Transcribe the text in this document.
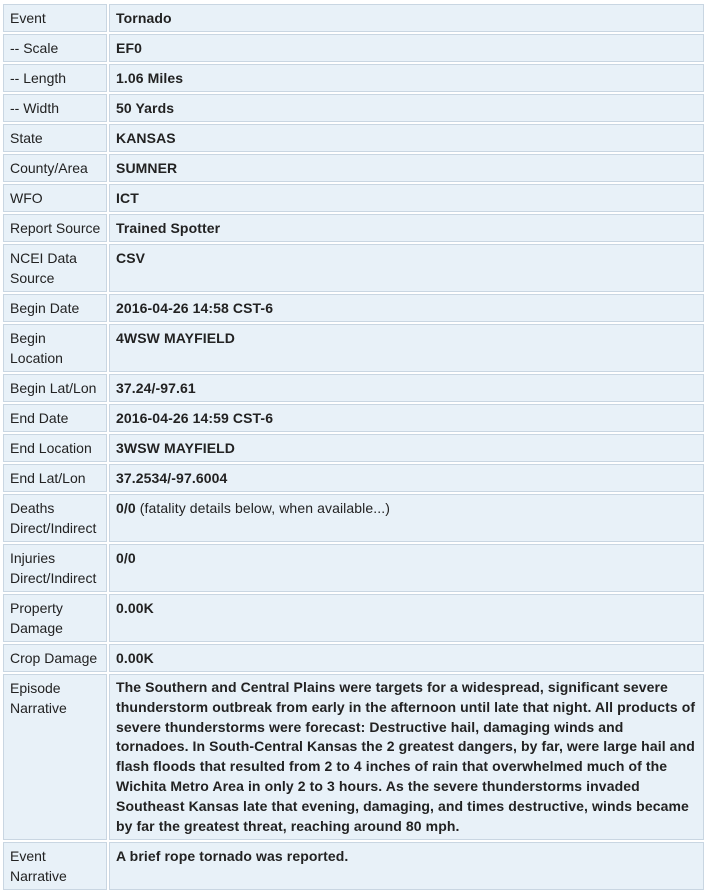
Event	Tornado
-- Scale	EF0
-- Length	1.06 Miles
-- Width	50 Yards
State	KANSAS
County/Area	SUMNER
WFO	ICT
Report Source	Trained Spotter
NCEI Data Source	CSV
Begin Date	2016-04-26 14:58 CST-6
Begin Location	4WSW MAYFIELD
Begin Lat/Lon	37.24/-97.61
End Date	2016-04-26 14:59 CST-6
End Location	3WSW MAYFIELD
End Lat/Lon	37.2534/-97.6004
Deaths Direct/Indirect	0/0 (fatality details below, when available...)
Injuries Direct/Indirect	0/0
Property Damage	0.00K
Crop Damage	0.00K
Episode Narrative	The Southern and Central Plains were targets for a widespread, significant severe thunderstorm outbreak from early in the afternoon until late that night. All products of severe thunderstorms were forecast: Destructive hail, damaging winds and tornadoes. In South-Central Kansas the 2 greatest dangers, by far, were large hail and flash floods that resulted from 2 to 4 inches of rain that overwhelmed much of the Wichita Metro Area in only 2 to 3 hours. As the severe thunderstorms invaded Southeast Kansas late that evening, damaging, and times destructive, winds became by far the greatest threat, reaching around 80 mph.
Event Narrative	A brief rope tornado was reported.
